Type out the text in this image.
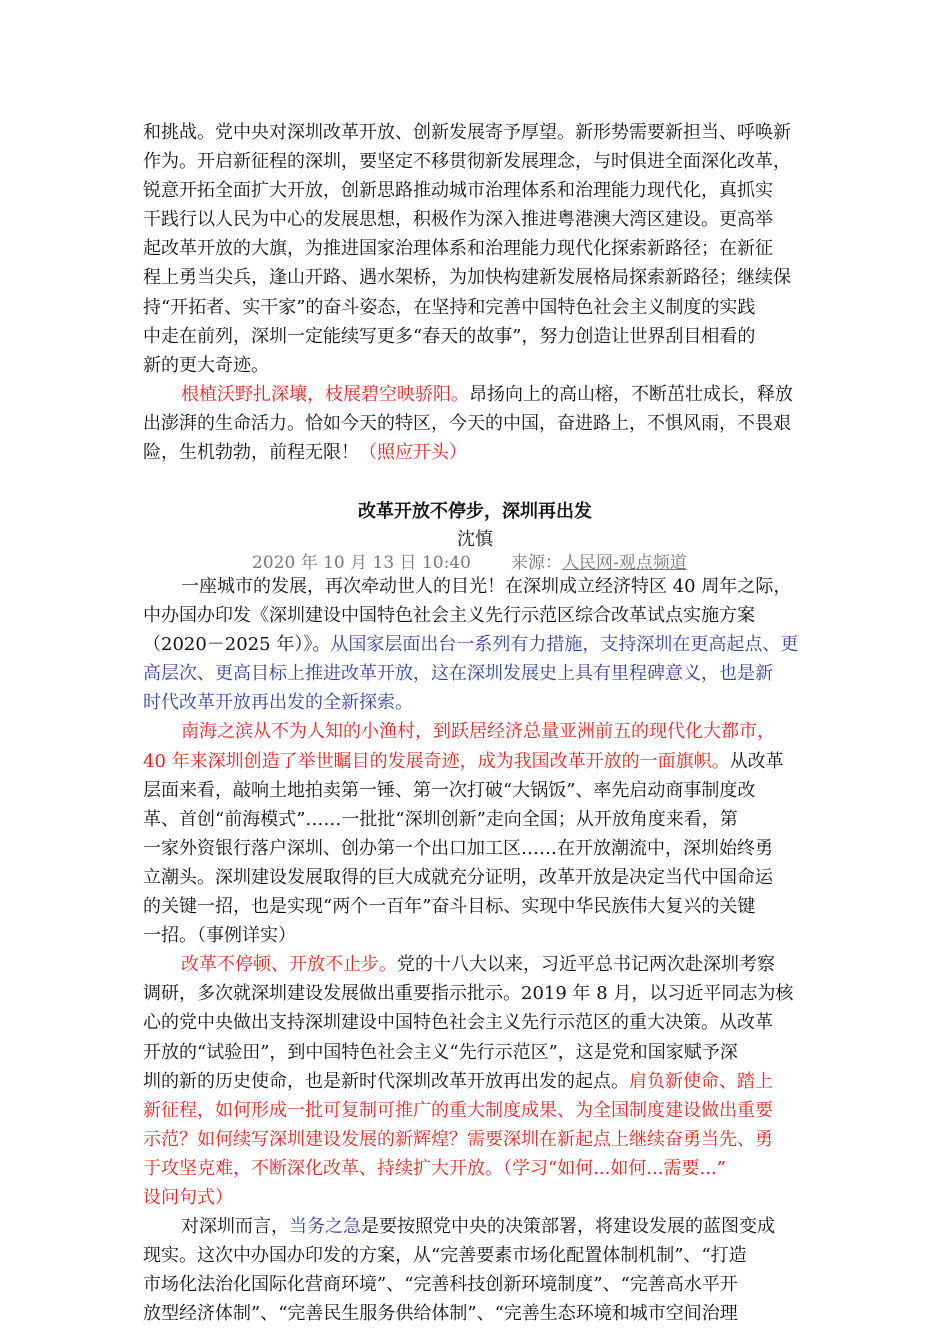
和挑战。党中央对深圳改革开放、创新发展寄予厚望。新形势需要新担当、呼唤新
作为。开启新征程的深圳，要坚定不移贯彻新发展理念，与时俱进全面深化改革，
锐意开拓全面扩大开放，创新思路推动城市治理体系和治理能力现代化，真抓实
干践行以人民为中心的发展思想，积极作为深入推进粤港澳大湾区建设。更高举
起改革开放的大旗，为推进国家治理体系和治理能力现代化探索新路径；在新征
程上勇当尖兵，逢山开路、遇水架桥，为加快构建新发展格局探索新路径；继续保
持“开拓者、实干家”的奋斗姿态，在坚持和完善中国特色社会主义制度的实践
中走在前列，深圳一定能续写更多“春天的故事”，努力创造让世界刮目相看的
新的更大奇迹。
根植沃野扎深壤，枝展碧空映骄阳。 昂扬向上的高山榕，不断茁壮成长，释放
出澎湃的生命活力。恰如今天的特区，今天的中国，奋进路上，不惧风雨，不畏艰
险，生机勃勃，前程无限！ （照应开头）
改革开放不停步，深圳再出发
沈慎
2020 年 10 月 13 日 10:40 来源：人民网-观点频道
一座城市的发展，再次牵动世人的目光！在深圳成立经济特区 40 周年之际，
中办国办印发《深圳建设中国特色社会主义先行示范区综合改革试点实施方案
（2020－2025 年）》。 从国家层面出台一系列有力措施，支持深圳在更高起点、更
高层次、更高目标上推进改革开放，这在深圳发展史上具有里程碑意义，也是新
时代改革开放再出发的全新探索。
南海之滨从不为人知的小渔村，到跃居经济总量亚洲前五的现代化大都市，
40 年来深圳创造了举世瞩目的发展奇迹，成为我国改革开放的一面旗帜。 从改革
层面来看，敲响土地拍卖第一锤、第一次打破“大锅饭”、率先启动商事制度改
革、首创“前海模式”……一批批“深圳创新”走向全国；从开放角度来看，第
一家外资银行落户深圳、创办第一个出口加工区……在开放潮流中，深圳始终勇
立潮头。深圳建设发展取得的巨大成就充分证明，改革开放是决定当代中国命运
的关键一招，也是实现“两个一百年”奋斗目标、实现中华民族伟大复兴的关键
一招。（事例详实）
改革不停顿、开放不止步。 党的十八大以来，习近平总书记两次赴深圳考察
调研，多次就深圳建设发展做出重要指示批示。2019 年 8 月，以习近平同志为核
心的党中央做出支持深圳建设中国特色社会主义先行示范区的重大决策。从改革
开放的“试验田”，到中国特色社会主义“先行示范区”，这是党和国家赋予深
圳的新的历史使命，也是新时代深圳改革开放再出发的起点。 肩负新使命、踏上
新征程，如何形成一批可复制可推广的重大制度成果、为全国制度建设做出重要
示范？如何续写深圳建设发展的新辉煌？需要深圳在新起点上继续奋勇当先、勇
于攻坚克难，不断深化改革、持续扩大开放。（学习“如何...如何...需要...”
设问句式）
对深圳而言， 当务之急 是要按照党中央的决策部署，将建设发展的蓝图变成
现实。这次中办国办印发的方案，从“完善要素市场化配置体制机制”、“打造
市场化法治化国际化营商环境”、“完善科技创新环境制度”、“完善高水平开
放型经济体制”、“完善民生服务供给体制”、“完善生态环境和城市空间治理
